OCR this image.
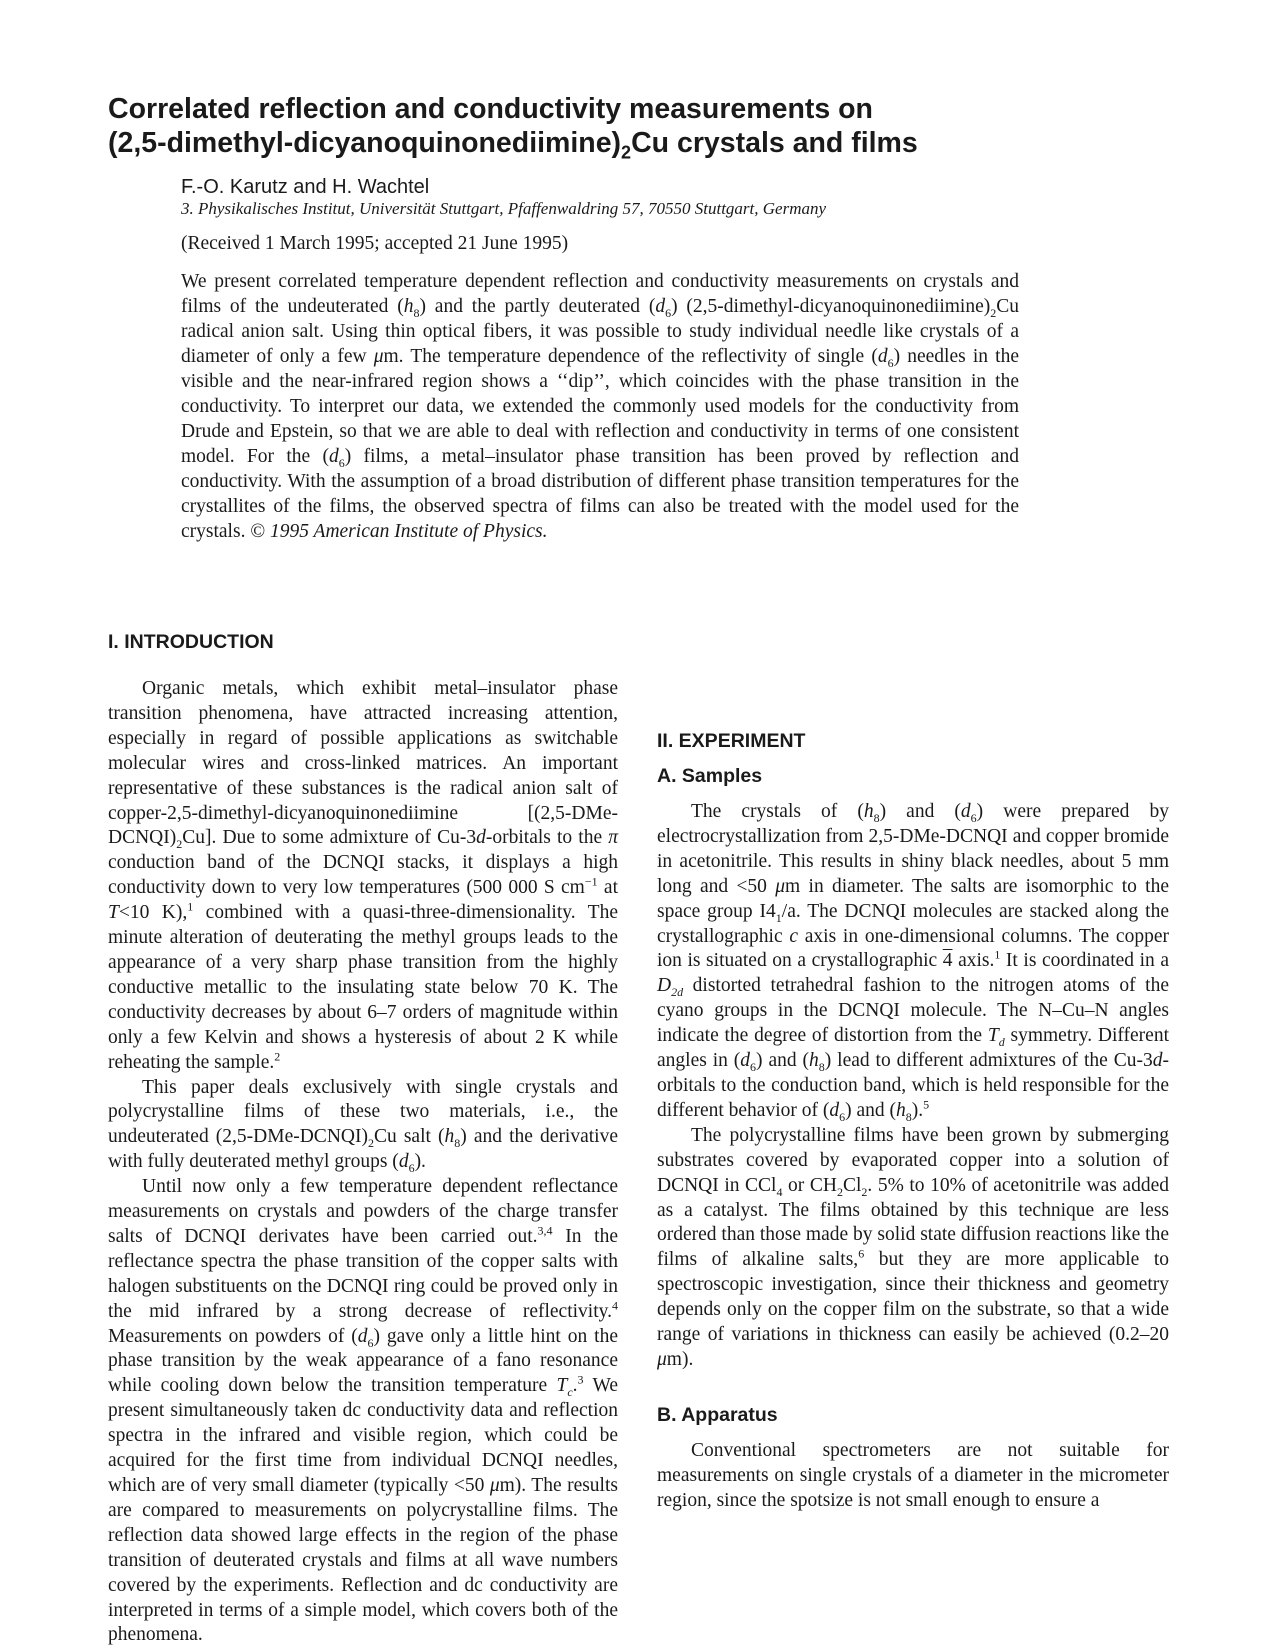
Correlated reflection and conductivity measurements on
$(2,5-dimethyl-dicyanoquinonediimine)_2Cu$ crystals and films
F.-O. Karutz and H. Wachtel
3. Physikalisches Institut, Universität Stuttgart, Pfaffenwaldring 57, 70550 Stuttgart, Germany
(Received 1 March 1995; accepted 21 June 1995)

We present correlated temperature dependent reflection and conductivity measurements on crystals and films of the undeuterated $(h_8)$ and the partly deuterated $(d_6)$ $(2,5-dimethyl-dicyanoquinonediimine)_2Cu$ radical anion salt. Using thin optical fibers, it was possible to study individual needle like crystals of a diameter of only a few μm. The temperature dependence of the reflectivity of single $(d_6)$ needles in the visible and the near-infrared region shows a ‘‘dip’’, which coincides with the phase transition in the conductivity. To interpret our data, we extended the commonly used models for the conductivity from Drude and Epstein, so that we are able to deal with reflection and conductivity in terms of one consistent model. For the $(d_6)$ films, a metal–insulator phase transition has been proved by reflection and conductivity. With the assumption of a broad distribution of different phase transition temperatures for the crystallites of the films, the observed spectra of films can also be treated with the model used for the crystals. © 1995 American Institute of Physics.

I. INTRODUCTION

Organic metals, which exhibit metal–insulator phase transition phenomena, have attracted increasing attention, especially in regard of possible applications as switchable molecular wires and cross-linked matrices. An important representative of these substances is the radical anion salt of copper-2,5-dimethyl-dicyanoquinonediimine $[(2,5-DMe-DCNQI)_2Cu]$. Due to some admixture of Cu-3d-orbitals to the π conduction band of the DCNQI stacks, it displays a high conductivity down to very low temperatures (500 000 S $cm^{-1}$ at T<10 K),$^1$ combined with a quasi-three-dimensionality. The minute alteration of deuterating the methyl groups leads to the appearance of a very sharp phase transition from the highly conductive metallic to the insulating state below 70 K. The conductivity decreases by about 6–7 orders of magnitude within only a few Kelvin and shows a hysteresis of about 2 K while reheating the sample.$^2$

This paper deals exclusively with single crystals and polycrystalline films of these two materials, i.e., the undeuterated $(2,5-DMe-DCNQI)_2Cu$ salt $(h_8)$ and the derivative with fully deuterated methyl groups $(d_6)$.

Until now only a few temperature dependent reflectance measurements on crystals and powders of the charge transfer salts of DCNQI derivates have been carried out.$^{3,4}$ In the reflectance spectra the phase transition of the copper salts with halogen substituents on the DCNQI ring could be proved only in the mid infrared by a strong decrease of reflectivity.$^4$ Measurements on powders of $(d_6)$ gave only a little hint on the phase transition by the weak appearance of a fano resonance while cooling down below the transition temperature $T_c.^3$ We present simultaneously taken dc conductivity data and reflection spectra in the infrared and visible region, which could be acquired for the first time from individual DCNQI needles, which are of very small diameter (typically <50 μm). The results are compared to measurements on polycrystalline films. The reflection data showed large effects in the region of the phase transition of deuterated crystals and films at all wave numbers covered by the experiments. Reflection and dc conductivity are interpreted in terms of a simple model, which covers both of the phenomena.

II. EXPERIMENT
A. Samples

The crystals of $(h_8)$ and $(d_6)$ were prepared by electrocrystallization from 2,5-DMe-DCNQI and copper bromide in acetonitrile. This results in shiny black needles, about 5 mm long and <50 μm in diameter. The salts are isomorphic to the space group $I4_1/a$. The DCNQI molecules are stacked along the crystallographic c axis in one-dimensional columns. The copper ion is situated on a crystallographic 4 axis.$^1$ It is coordinated in a $D_{2d}$ distorted tetrahedral fashion to the nitrogen atoms of the cyano groups in the DCNQI molecule. The N–Cu–N angles indicate the degree of distortion from the $T_d$ symmetry. Different angles in $(d_6)$ and $(h_8)$ lead to different admixtures of the Cu-3d-orbitals to the conduction band, which is held responsible for the different behavior of $(d_6)$ and $(h_8).^5$

The polycrystalline films have been grown by submerging substrates covered by evaporated copper into a solution of DCNQI in CCl$_4$ or $CH_2Cl_2$. 5% to 10% of acetonitrile was added as a catalyst. The films obtained by this technique are less ordered than those made by solid state diffusion reactions like the films of alkaline salts,$^6$ but they are more applicable to spectroscopic investigation, since their thickness and geometry depends only on the copper film on the substrate, so that a wide range of variations in thickness can easily be achieved (0.2–20 μm).

B. Apparatus

Conventional spectrometers are not suitable for measurements on single crystals of a diameter in the micrometer region, since the spotsize is not small enough to ensure a
